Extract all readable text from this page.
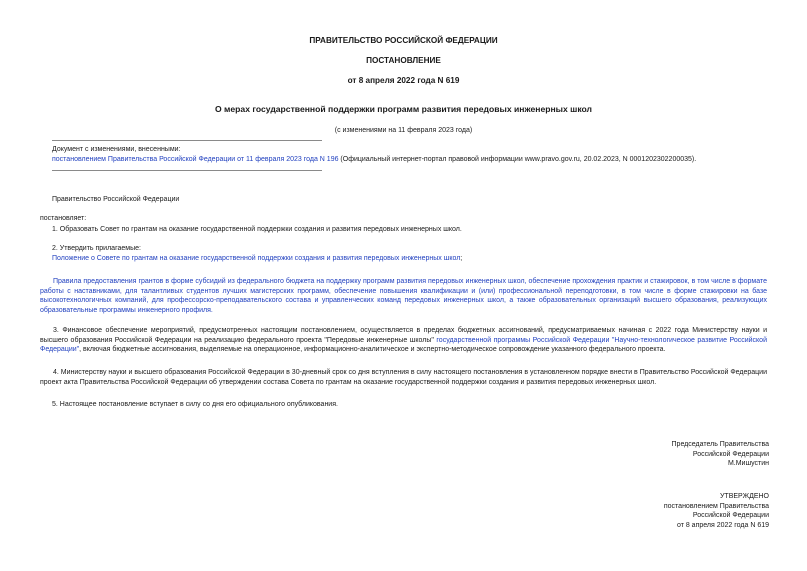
ПРАВИТЕЛЬСТВО РОССИЙСКОЙ ФЕДЕРАЦИИ
ПОСТАНОВЛЕНИЕ
от 8 апреля 2022 года N 619
О мерах государственной поддержки программ развития передовых инженерных школ
(с изменениями на 11 февраля 2023 года)
Документ с изменениями, внесенными:
постановлением Правительства Российской Федерации от 11 февраля 2023 года N 196 (Официальный интернет-портал правовой информации www.pravo.gov.ru, 20.02.2023, N 0001202302200035).
Правительство Российской Федерации
постановляет:
1. Образовать Совет по грантам на оказание государственной поддержки создания и развития передовых инженерных школ.
2. Утвердить прилагаемые:
Положение о Совете по грантам на оказание государственной поддержки создания и развития передовых инженерных школ;
Правила предоставления грантов в форме субсидий из федерального бюджета на поддержку программ развития передовых инженерных школ, обеспечение прохождения практик и стажировок, в том числе в формате работы с наставниками, для талантливых студентов лучших магистерских программ, обеспечение повышения квалификации и (или) профессиональной переподготовки, в том числе в форме стажировки на базе высокотехнологичных компаний, для профессорско-преподавательского состава и управленческих команд передовых инженерных школ, а также образовательных организаций высшего образования, реализующих образовательные программы инженерного профиля.
3. Финансовое обеспечение мероприятий, предусмотренных настоящим постановлением, осуществляется в пределах бюджетных ассигнований, предусматриваемых начиная с 2022 года Министерству науки и высшего образования Российской Федерации на реализацию федерального проекта "Передовые инженерные школы" государственной программы Российской Федерации "Научно-технологическое развитие Российской Федерации", включая бюджетные ассигнования, выделяемые на операционное, информационно-аналитическое и экспертно-методическое сопровождение указанного федерального проекта.
4. Министерству науки и высшего образования Российской Федерации в 30-дневный срок со дня вступления в силу настоящего постановления в установленном порядке внести в Правительство Российской Федерации проект акта Правительства Российской Федерации об утверждении состава Совета по грантам на оказание государственной поддержки создания и развития передовых инженерных школ.
5. Настоящее постановление вступает в силу со дня его официального опубликования.
Председатель Правительства
Российской Федерации
М.Мишустин
УТВЕРЖДЕНО
постановлением Правительства
Российской Федерации
от 8 апреля 2022 года N 619
